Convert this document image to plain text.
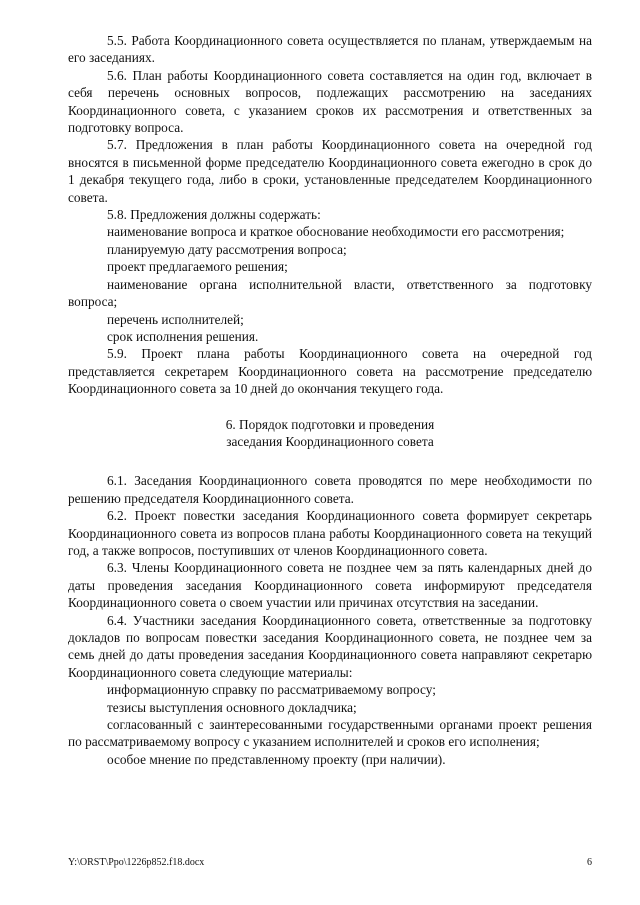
5.5. Работа Координационного совета осуществляется по планам, утверждаемым на его заседаниях.

5.6. План работы Координационного совета составляется на один год, включает в себя перечень основных вопросов, подлежащих рассмотрению на заседаниях Координационного совета, с указанием сроков их рассмотрения и ответственных за подготовку вопроса.

5.7. Предложения в план работы Координационного совета на очередной год вносятся в письменной форме председателю Координационного совета ежегодно в срок до 1 декабря текущего года, либо в сроки, установленные председателем Координационного совета.

5.8. Предложения должны содержать:

наименование вопроса и краткое обоснование необходимости его рассмотрения;

планируемую дату рассмотрения вопроса;

проект предлагаемого решения;

наименование органа исполнительной власти, ответственного за подготовку вопроса;

перечень исполнителей;

срок исполнения решения.

5.9. Проект плана работы Координационного совета на очередной год представляется секретарем Координационного совета на рассмотрение председателю Координационного совета за 10 дней до окончания текущего года.

6. Порядок подготовки и проведения
заседания Координационного совета

6.1. Заседания Координационного совета проводятся по мере необходимости по решению председателя Координационного совета.

6.2. Проект повестки заседания Координационного совета формирует секретарь Координационного совета из вопросов плана работы Координационного совета на текущий год, а также вопросов, поступивших от членов Координационного совета.

6.3. Члены Координационного совета не позднее чем за пять календарных дней до даты проведения заседания Координационного совета информируют председателя Координационного совета о своем участии или причинах отсутствия на заседании.

6.4. Участники заседания Координационного совета, ответственные за подготовку докладов по вопросам повестки заседания Координационного совета, не позднее чем за семь дней до даты проведения заседания Координационного совета направляют секретарю Координационного совета следующие материалы:

информационную справку по рассматриваемому вопросу;

тезисы выступления основного докладчика;

согласованный с заинтересованными государственными органами проект решения по рассматриваемому вопросу с указанием исполнителей и сроков его исполнения;

особое мнение по представленному проекту (при наличии).

Y:\ORST\Ppo\1226p852.f18.docx	6
